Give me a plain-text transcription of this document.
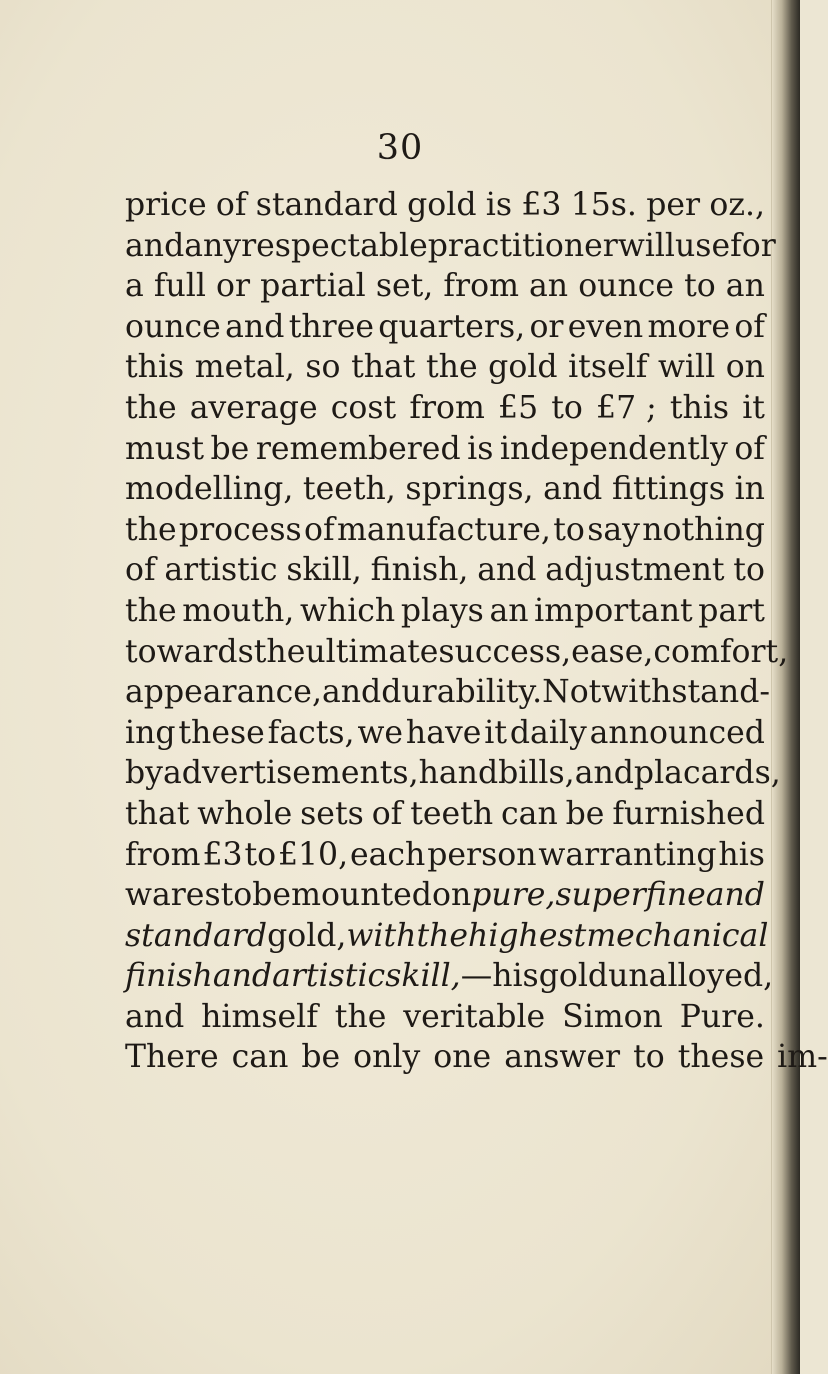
30
price of standard gold is £3 15s. per oz.,
and any respectable practitioner will use for
a full or partial set, from an ounce to an
ounce and three quarters, or even more of
this metal, so that the gold itself will on
the average cost from £5 to £7 ; this it
must be remembered is independently of
modelling, teeth, springs, and fittings in
the process of manufacture, to say nothing
of artistic skill, finish, and adjustment to
the mouth, which plays an important part
towards the ultimate success, ease, comfort,
appearance, and durability. Notwithstand-
ing these facts, we have it daily announced
by advertisements, handbills, and placards,
that whole sets of teeth can be furnished
from £3 to £10, each person warranting his
wares to be mounted on pure, superfine and
standard gold, with the highest mechanical
finish and artistic skill, —his gold unalloyed,
and himself the veritable Simon Pure.
There can be only one answer to these im-
